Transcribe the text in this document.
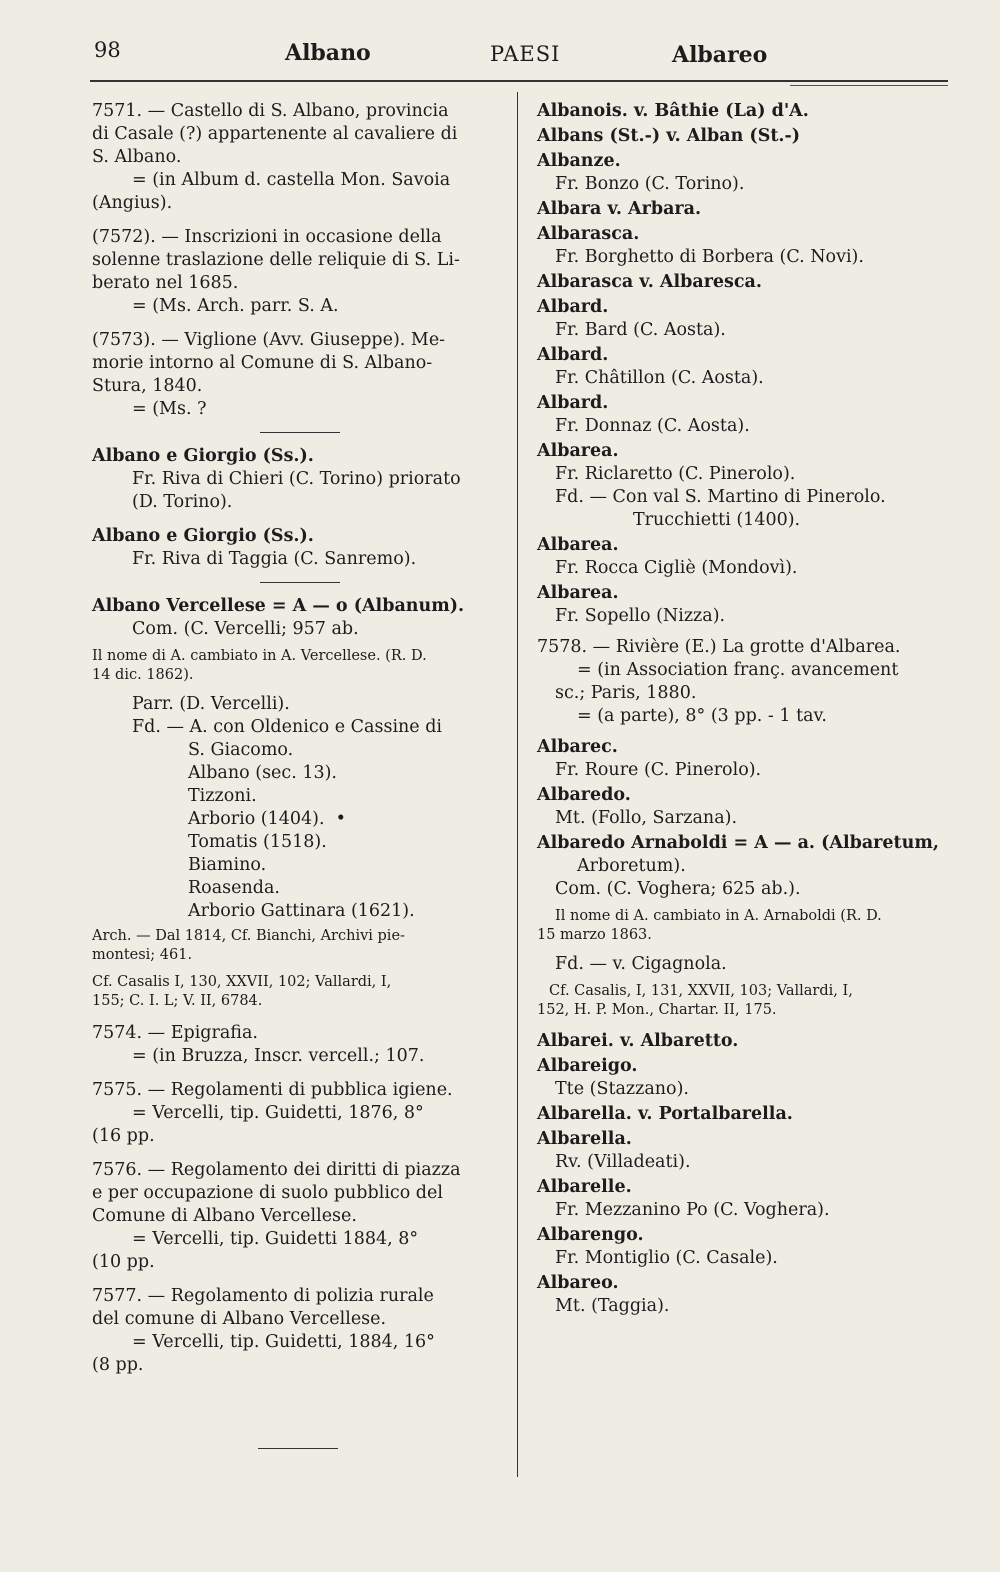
98	Albano	PAESI	Albareo
7571. — Castello di S. Albano, provincia
di Casale (?) appartenente al cavaliere di
S. Albano.
= (in Album d. castella Mon. Savoia
(Angius).
(7572). — Inscrizioni in occasione della
solenne traslazione delle reliquie di S. Li-
berato nel 1685.
= (Ms. Arch. parr. S. A.
(7573). — Viglione (Avv. Giuseppe). Me-
morie intorno al Comune di S. Albano-
Stura, 1840.
= (Ms. ?
Albano e Giorgio (Ss.).
Fr. Riva di Chieri (C. Torino) priorato
(D. Torino).
Albano e Giorgio (Ss.).
Fr. Riva di Taggia (C. Sanremo).
Albano Vercellese = A — o (Albanum).
Com. (C. Vercelli; 957 ab.
Il nome di A. cambiato in A. Vercellese. (R. D.
14 dic. 1862).
Parr. (D. Vercelli).
Fd. — A. con Oldenico e Cassine di
S. Giacomo.
Albano (sec. 13).
Tizzoni.
Arborio (1404).  •
Tomatis (1518).
Biamino.
Roasenda.
Arborio Gattinara (1621).
Arch. — Dal 1814, Cf. Bianchi, Archivi pie-
montesi; 461.
Cf. Casalis I, 130, XXVII, 102; Vallardi, I,
155; C. I. L; V. II, 6784.
7574. — Epigrafia.
= (in Bruzza, Inscr. vercell.; 107.
7575. — Regolamenti di pubblica igiene.
= Vercelli, tip. Guidetti, 1876, 8°
(16 pp.
7576. — Regolamento dei diritti di piazza
e per occupazione di suolo pubblico del
Comune di Albano Vercellese.
= Vercelli, tip. Guidetti 1884, 8°
(10 pp.
7577. — Regolamento di polizia rurale
del comune di Albano Vercellese.
= Vercelli, tip. Guidetti, 1884, 16°
(8 pp.
Albanois. v. Bâthie (La) d'A.
Albans (St.-) v. Alban (St.-)
Albanze.
Fr. Bonzo (C. Torino).
Albara v. Arbara.
Albarasca.
Fr. Borghetto di Borbera (C. Novi).
Albarasca v. Albaresca.
Albard.
Fr. Bard (C. Aosta).
Albard.
Fr. Châtillon (C. Aosta).
Albard.
Fr. Donnaz (C. Aosta).
Albarea.
Fr. Riclaretto (C. Pinerolo).
Fd. — Con val S. Martino di Pinerolo.
Trucchietti (1400).
Albarea.
Fr. Rocca Cigliè (Mondovì).
Albarea.
Fr. Sopello (Nizza).
7578. — Rivière (E.) La grotte d'Albarea.
= (in Association franç. avancement
sc.; Paris, 1880.
= (a parte), 8° (3 pp. - 1 tav.
Albarec.
Fr. Roure (C. Pinerolo).
Albaredo.
Mt. (Follo, Sarzana).
Albaredo Arnaboldi = A — a. (Albaretum,
Arboretum).
Com. (C. Voghera; 625 ab.).
Il nome di A. cambiato in A. Arnaboldi (R. D.
15 marzo 1863.
Fd. — v. Cigagnola.
Cf. Casalis, I, 131, XXVII, 103; Vallardi, I,
152, H. P. Mon., Chartar. II, 175.
Albarei. v. Albaretto.
Albareigo.
Tte (Stazzano).
Albarella. v. Portalbarella.
Albarella.
Rv. (Villadeati).
Albarelle.
Fr. Mezzanino Po (C. Voghera).
Albarengo.
Fr. Montiglio (C. Casale).
Albareo.
Mt. (Taggia).
